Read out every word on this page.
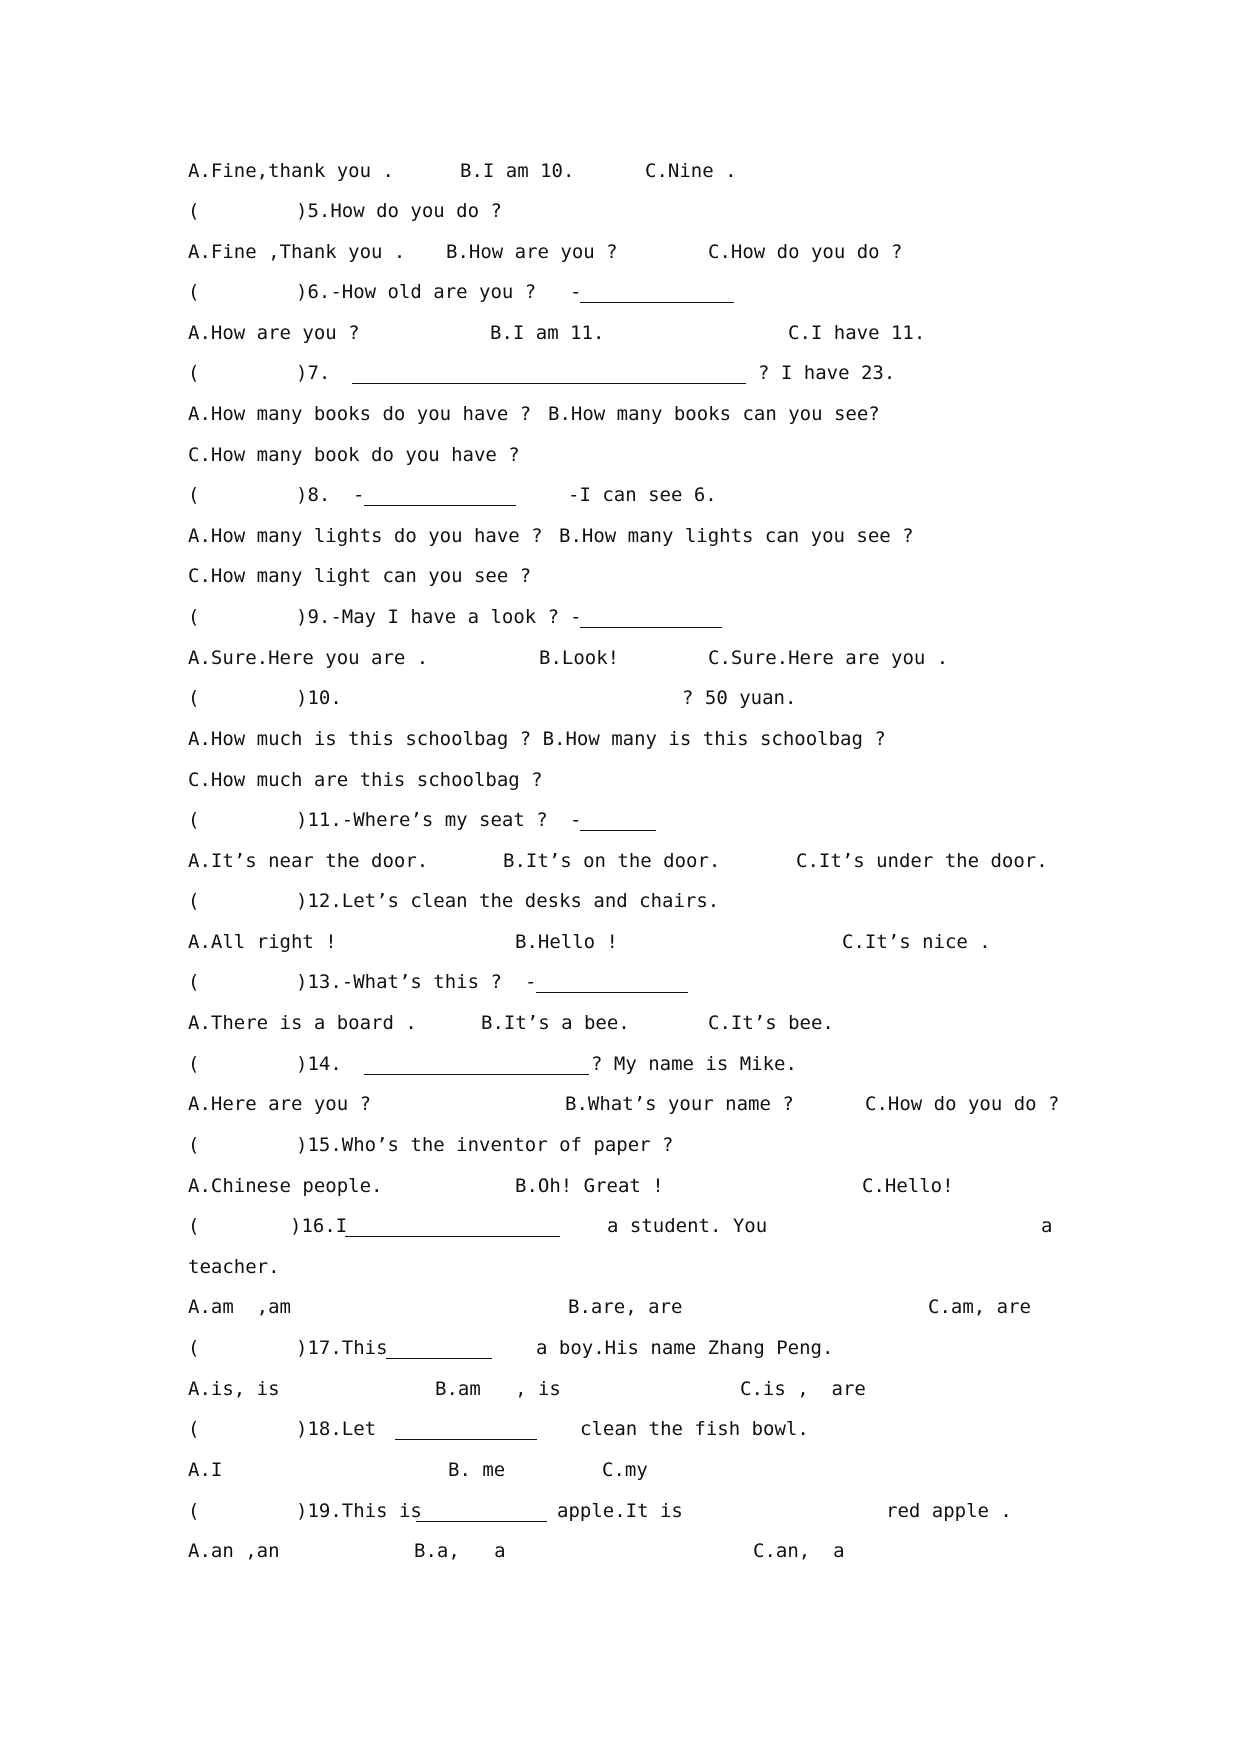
A.Fine,thank you .

	B.I am 10.

	C.Nine .

(

	)5.How do you do ?

A.Fine ,Thank you .

B.How are you ?

	C.How do you do ?

(

	)6.-How old are you ?

-

A.How are you ?

	B.I am 11.

	C.I have 11.

(

	)7.

	? I have 23.

A.How many books do you have ?

B.How many books can you see?

C.How many book do you have ?

(

	)8.

-

	-I can see 6.

A.How many lights do you have ?

B.How many lights can you see ?

C.How many light can you see ?

(

	)9.-May I have a look ?

-

A.Sure.Here you are .

	B.Look!

	C.Sure.Here are you .

(

	)10.

	? 50 yuan.

A.How much is this schoolbag ? B.How many is this schoolbag ?

C.How much are this schoolbag ?

(

	)11.-Where’s my seat ?

-

A.It’s near the door.

	B.It’s on the door.

	C.It’s under the door.

(

	)12.Let’s clean the desks and chairs.

A.All right !

	B.Hello !

	C.It’s nice .

(

	)13.-What’s this ?

-

A.There is a board .

	B.It’s a bee.

	C.It’s bee.

(

	)14.

	? My name is Mike.

A.Here are you ?

	B.What’s your name ?

	C.How do you do ?

(

	)15.Who’s the inventor of paper ?

A.Chinese people.

	B.Oh! Great !

	C.Hello!

(

	)16.I

	a student. You

	a

teacher.

A.am  ,am

	B.are, are

	C.am, are

(

	)17.This

	a boy.His name Zhang Peng.

A.is, is

	B.am   , is

	C.is ,  are

(

	)18.Let

	clean the fish bowl.

A.I

	B. me

	C.my

(

	)19.This is

	apple.It is

	red apple .

A.an ,an

	B.a,   a

	C.an,  a
